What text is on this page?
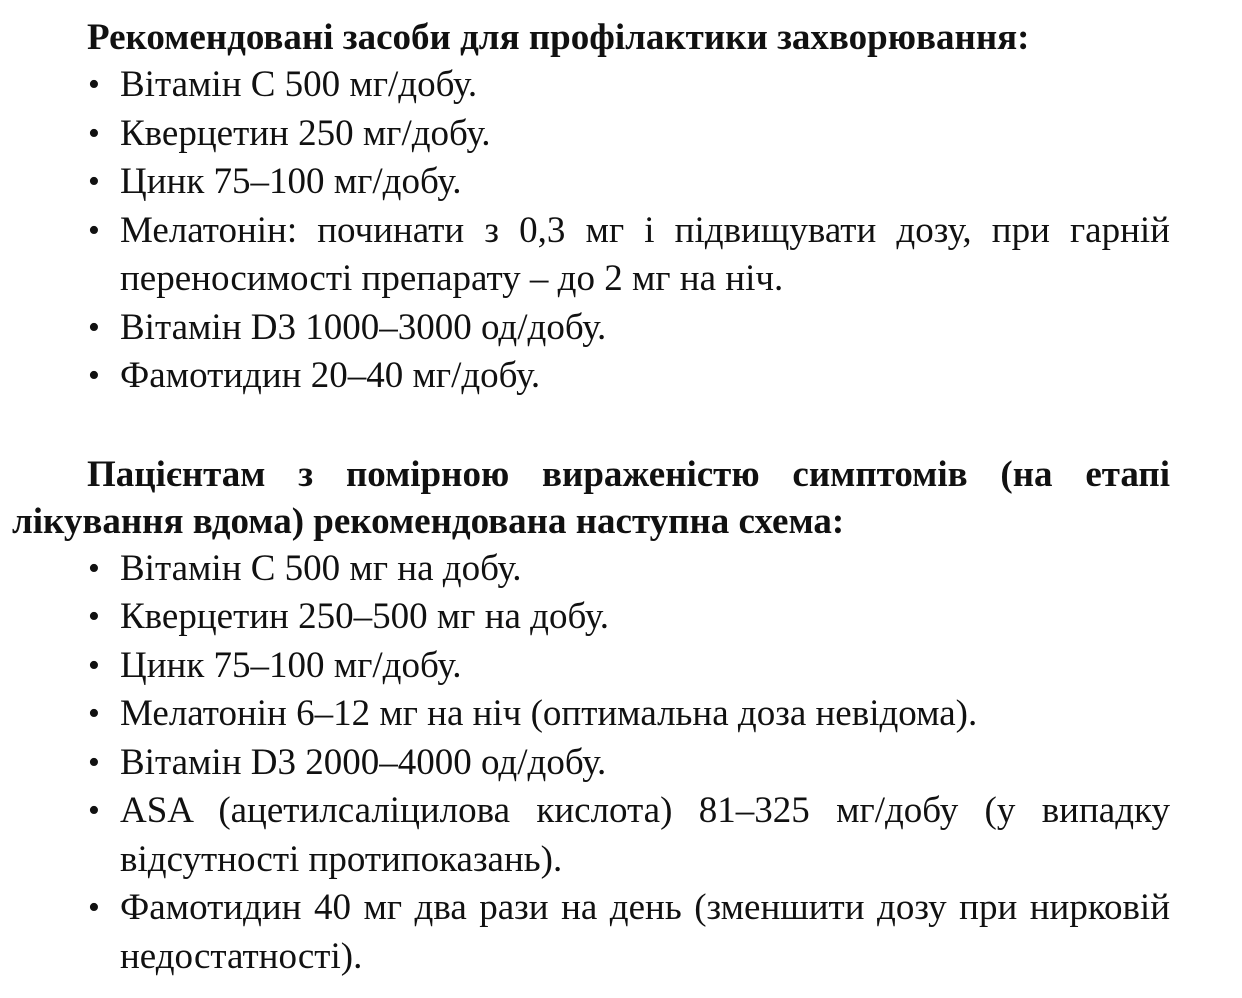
Рекомендовані засоби для профілактики захворювання:

• Вітамін С 500 мг/добу.
• Кверцетин 250 мг/добу.
• Цинк 75–100 мг/добу.
• Мелатонін: починати з 0,3 мг і підвищувати дозу, при гарній переносимості препарату – до 2 мг на ніч.
• Вітамін D3 1000–3000 од/добу.
• Фамотидин 20–40 мг/добу.

Пацієнтам з помірною вираженістю симптомів (на етапі лікування вдома) рекомендована наступна схема:

• Вітамін С 500 мг на добу.
• Кверцетин 250–500 мг на добу.
• Цинк 75–100 мг/добу.
• Мелатонін 6–12 мг на ніч (оптимальна доза невідома).
• Вітамін D3 2000–4000 од/добу.
• ASA (ацетилсаліцилова кислота) 81–325 мг/добу (у випадку відсутності протипоказань).
• Фамотидин 40 мг два рази на день (зменшити дозу при нирковій недостатності).
